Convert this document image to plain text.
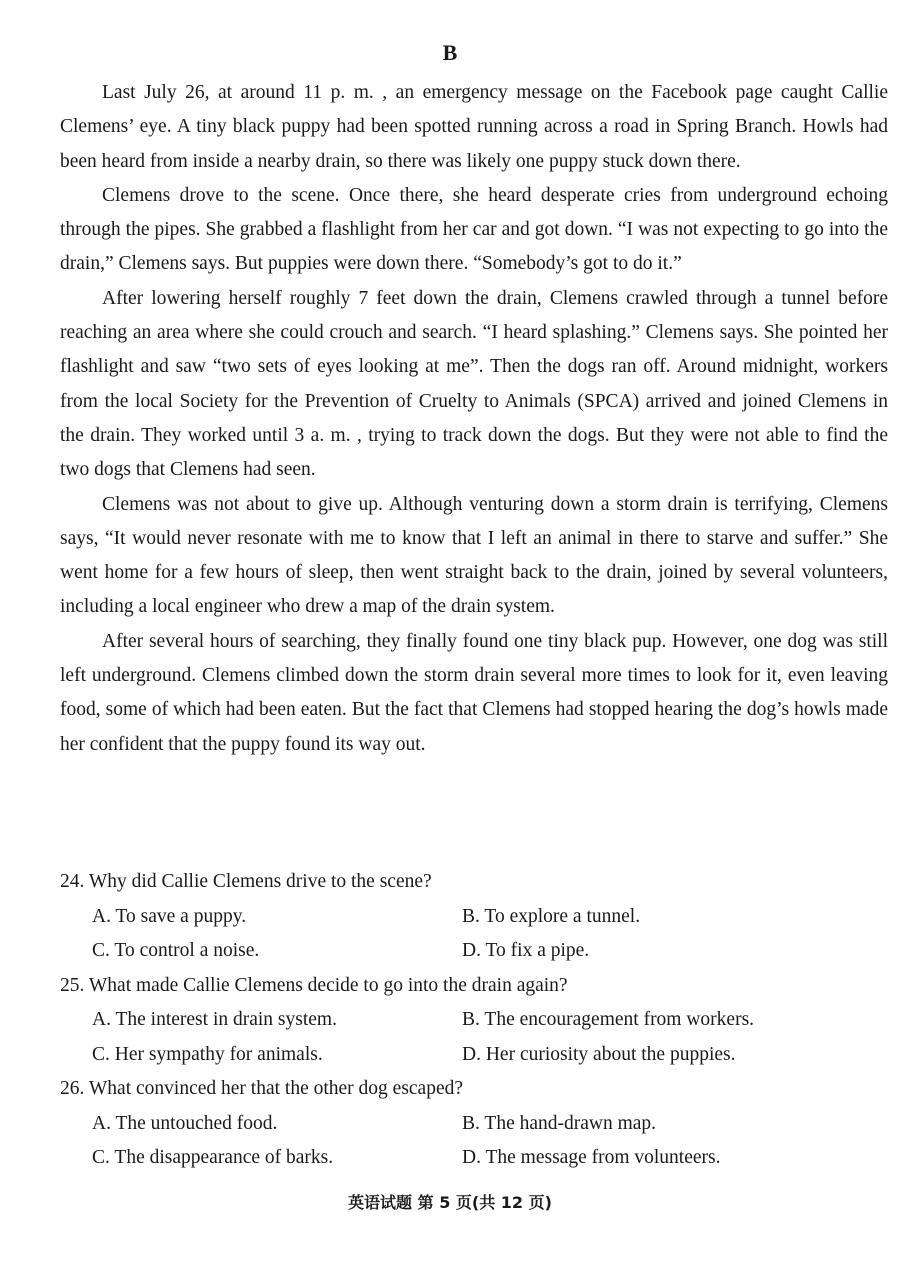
B

Last July 26, at around 11 p. m. , an emergency message on the Facebook page caught Callie Clemens’ eye. A tiny black puppy had been spotted running across a road in Spring Branch. Howls had been heard from inside a nearby drain, so there was likely one puppy stuck down there.

Clemens drove to the scene. Once there, she heard desperate cries from underground echoing through the pipes. She grabbed a flashlight from her car and got down. “I was not expecting to go into the drain,” Clemens says. But puppies were down there. “Somebody’s got to do it.”

After lowering herself roughly 7 feet down the drain, Clemens crawled through a tunnel before reaching an area where she could crouch and search. “I heard splashing.” Clemens says. She pointed her flashlight and saw “two sets of eyes looking at me”. Then the dogs ran off. Around midnight, workers from the local Society for the Prevention of Cruelty to Animals (SPCA) arrived and joined Clemens in the drain. They worked until 3 a. m. , trying to track down the dogs. But they were not able to find the two dogs that Clemens had seen.

Clemens was not about to give up. Although venturing down a storm drain is terrifying, Clemens says, “It would never resonate with me to know that I left an animal in there to starve and suffer.” She went home for a few hours of sleep, then went straight back to the drain, joined by several volunteers, including a local engineer who drew a map of the drain system.

After several hours of searching, they finally found one tiny black pup. However, one dog was still left underground. Clemens climbed down the storm drain several more times to look for it, even leaving food, some of which had been eaten. But the fact that Clemens had stopped hearing the dog’s howls made her confident that the puppy found its way out.

24. Why did Callie Clemens drive to the scene?
A. To save a puppy.	B. To explore a tunnel.
C. To control a noise.	D. To fix a pipe.
25. What made Callie Clemens decide to go into the drain again?
A. The interest in drain system.	B. The encouragement from workers.
C. Her sympathy for animals.	D. Her curiosity about the puppies.
26. What convinced her that the other dog escaped?
A. The untouched food.	B. The hand-drawn map.
C. The disappearance of barks.	D. The message from volunteers.
英语试题 第 5 页(共 12 页)
